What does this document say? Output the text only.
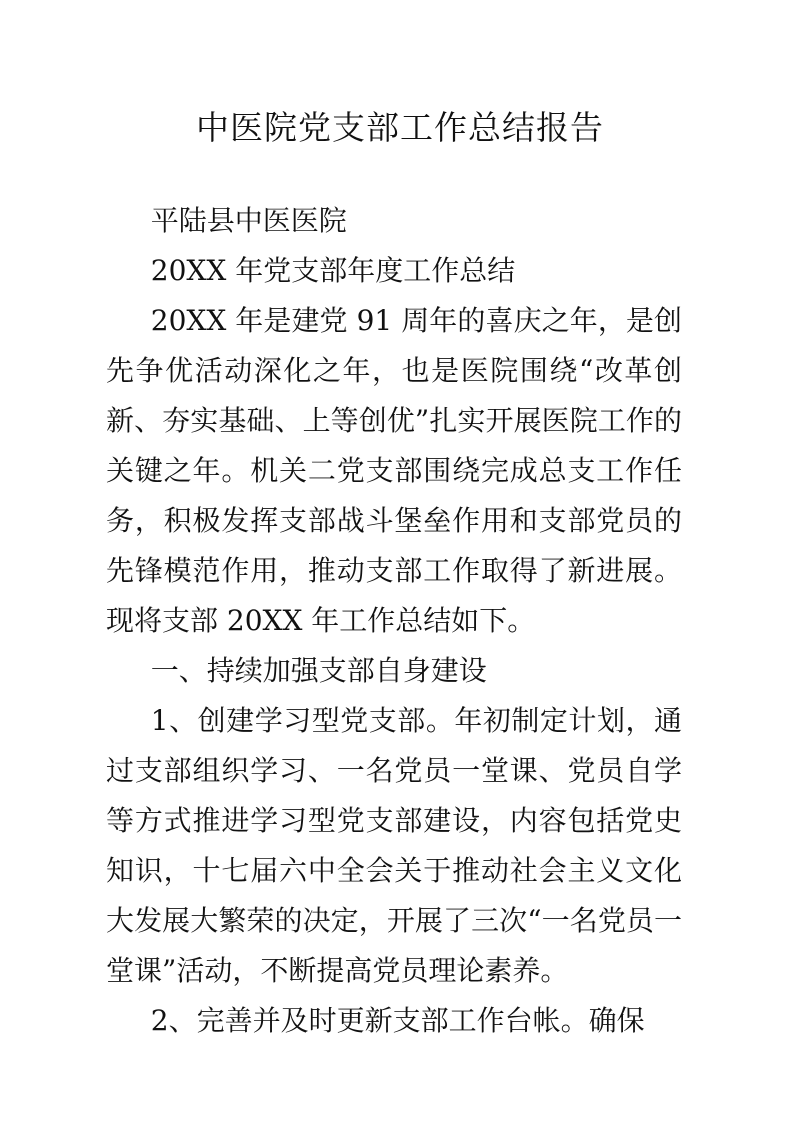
中医院党支部工作总结报告

平陆县中医医院

20XX 年党支部年度工作总结

20XX 年是建党 91 周年的喜庆之年，是创先争优活动深化之年，也是医院围绕“改革创新、夯实基础、上等创优”扎实开展医院工作的关键之年。机关二党支部围绕完成总支工作任务，积极发挥支部战斗堡垒作用和支部党员的先锋模范作用，推动支部工作取得了新进展。现将支部 20XX 年工作总结如下。

一、持续加强支部自身建设

1、创建学习型党支部。年初制定计划，通过支部组织学习、一名党员一堂课、党员自学等方式推进学习型党支部建设，内容包括党史知识，十七届六中全会关于推动社会主义文化大发展大繁荣的决定，开展了三次“一名党员一堂课”活动，不断提高党员理论素养。

2、完善并及时更新支部工作台帐。确保
